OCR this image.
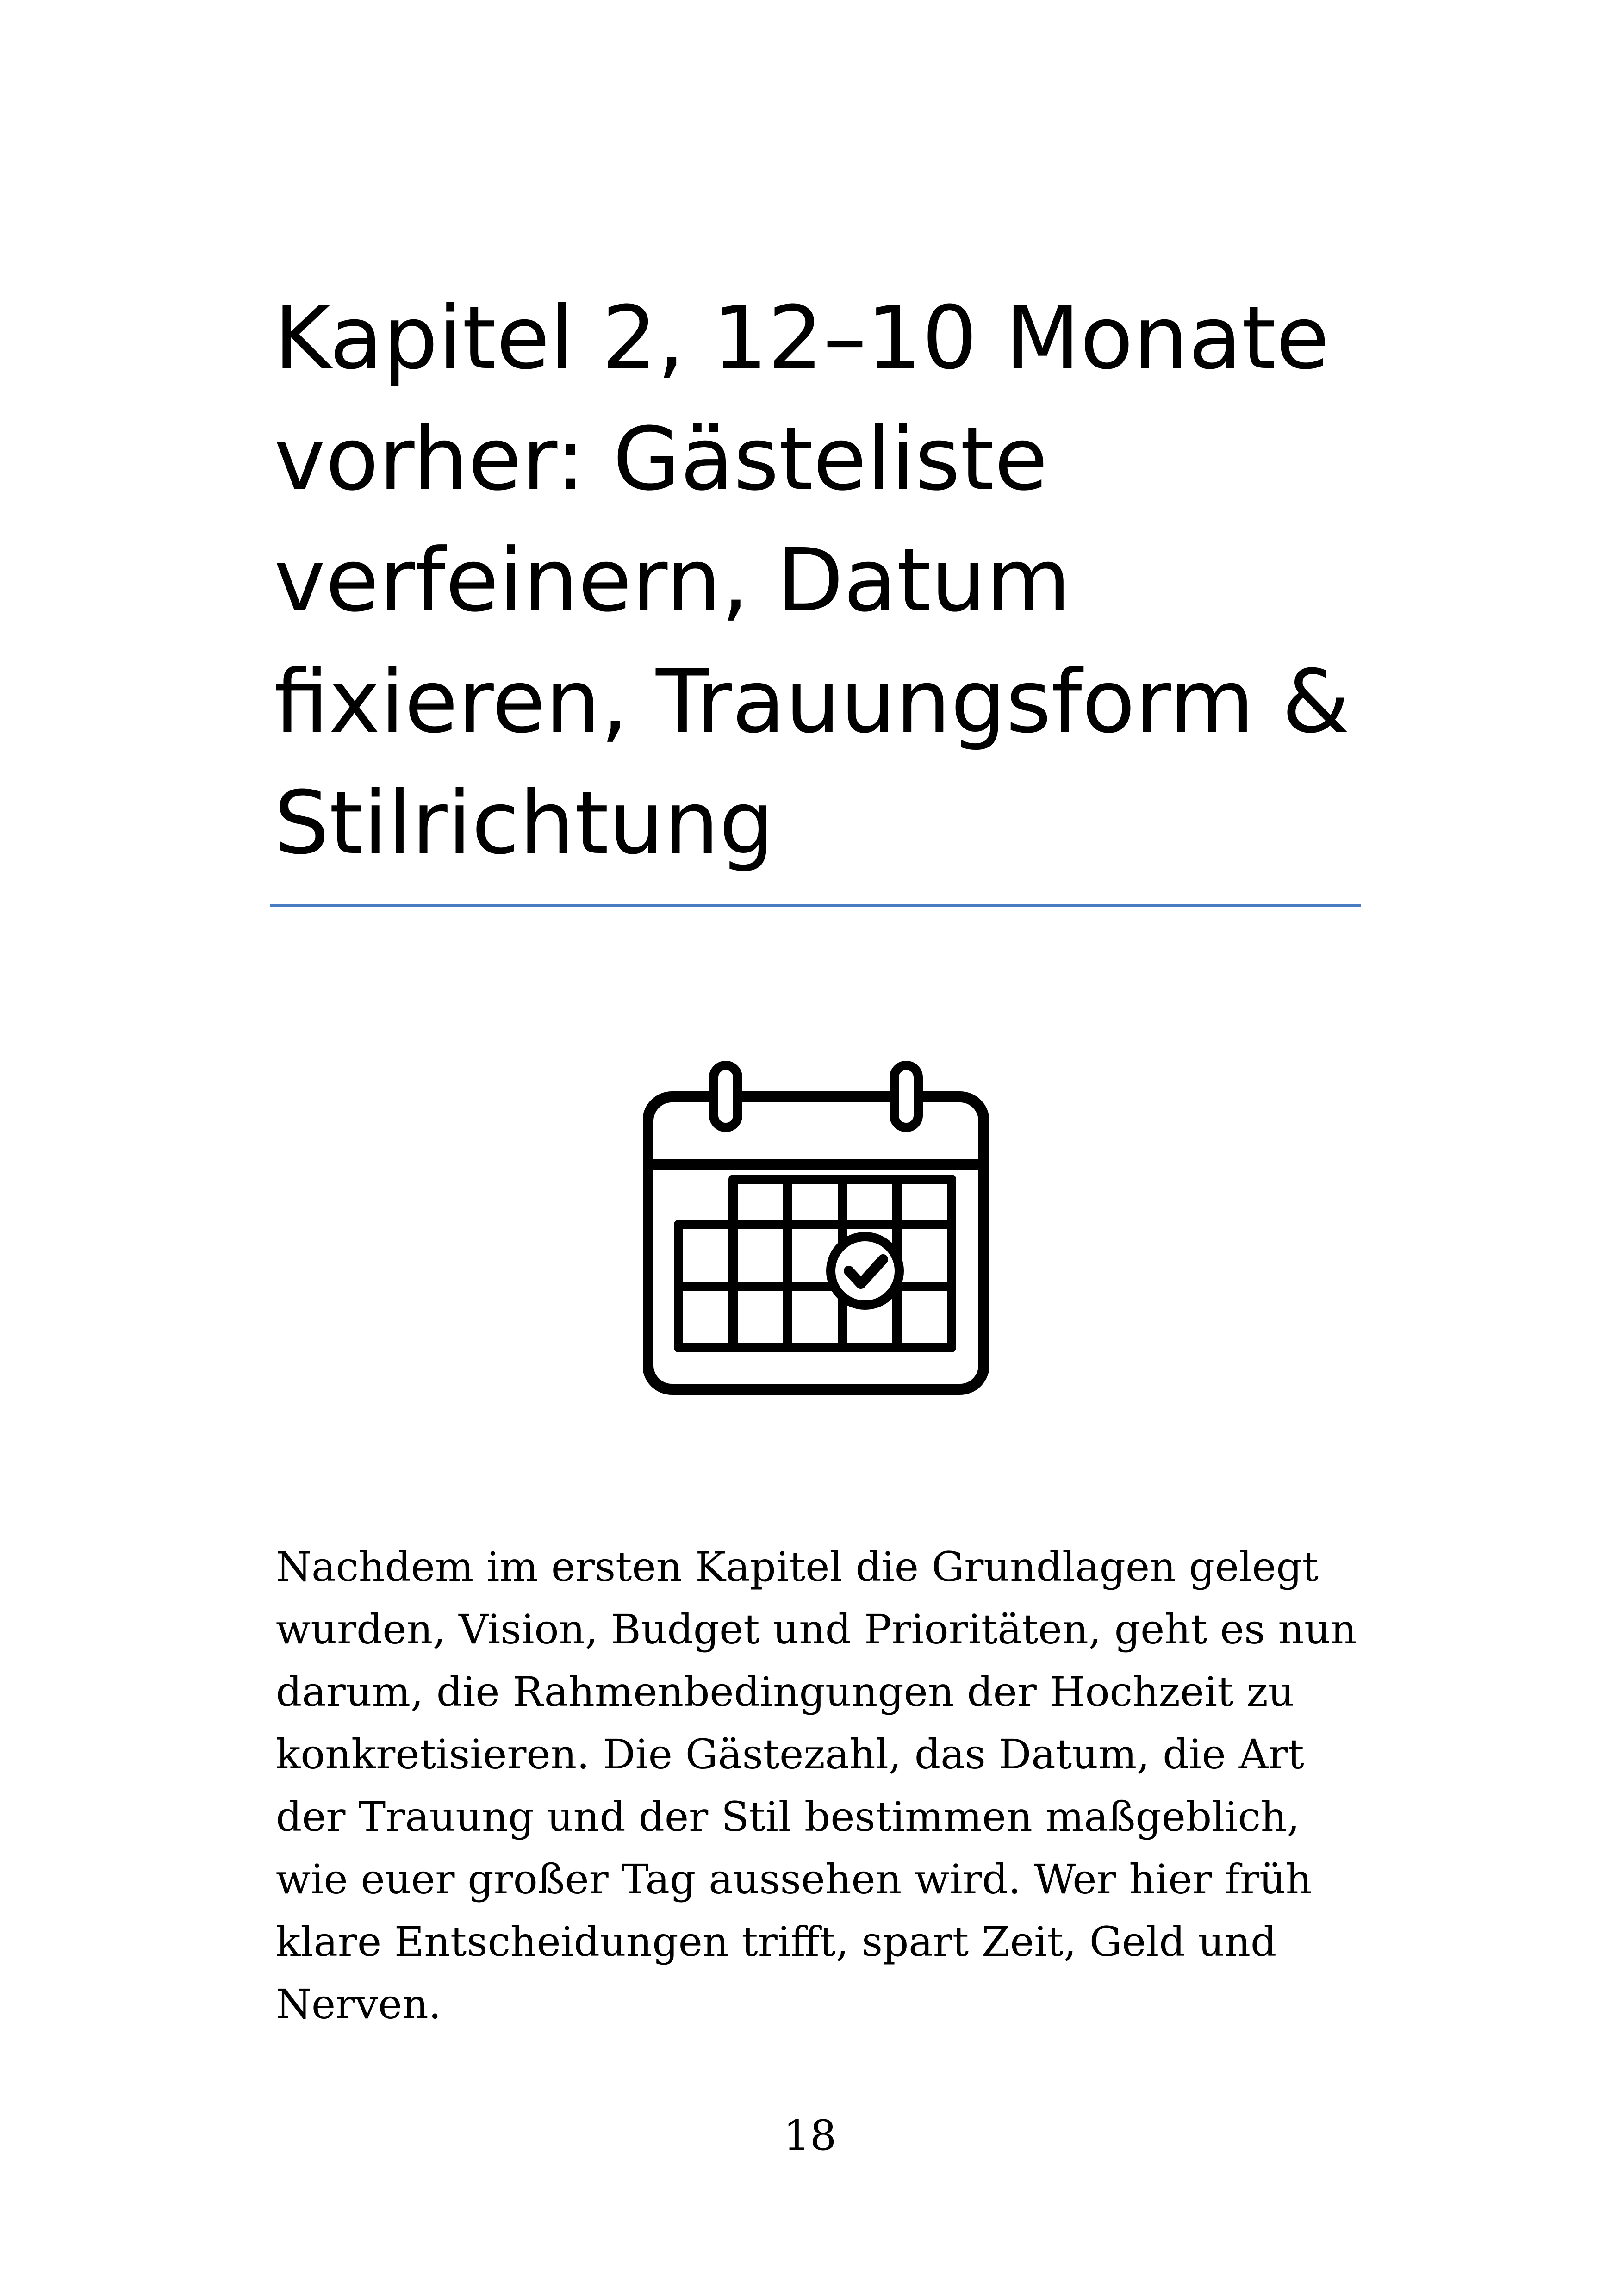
Kapitel 2, 12–10 Monate vorher: Gästeliste verfeinern, Datum fixieren, Trauungsform & Stilrichtung

Nachdem im ersten Kapitel die Grundlagen gelegt wurden, Vision, Budget und Prioritäten, geht es nun darum, die Rahmenbedingungen der Hochzeit zu konkretisieren. Die Gästezahl, das Datum, die Art der Trauung und der Stil bestimmen maßgeblich, wie euer großer Tag aussehen wird. Wer hier früh klare Entscheidungen trifft, spart Zeit, Geld und Nerven.

18
